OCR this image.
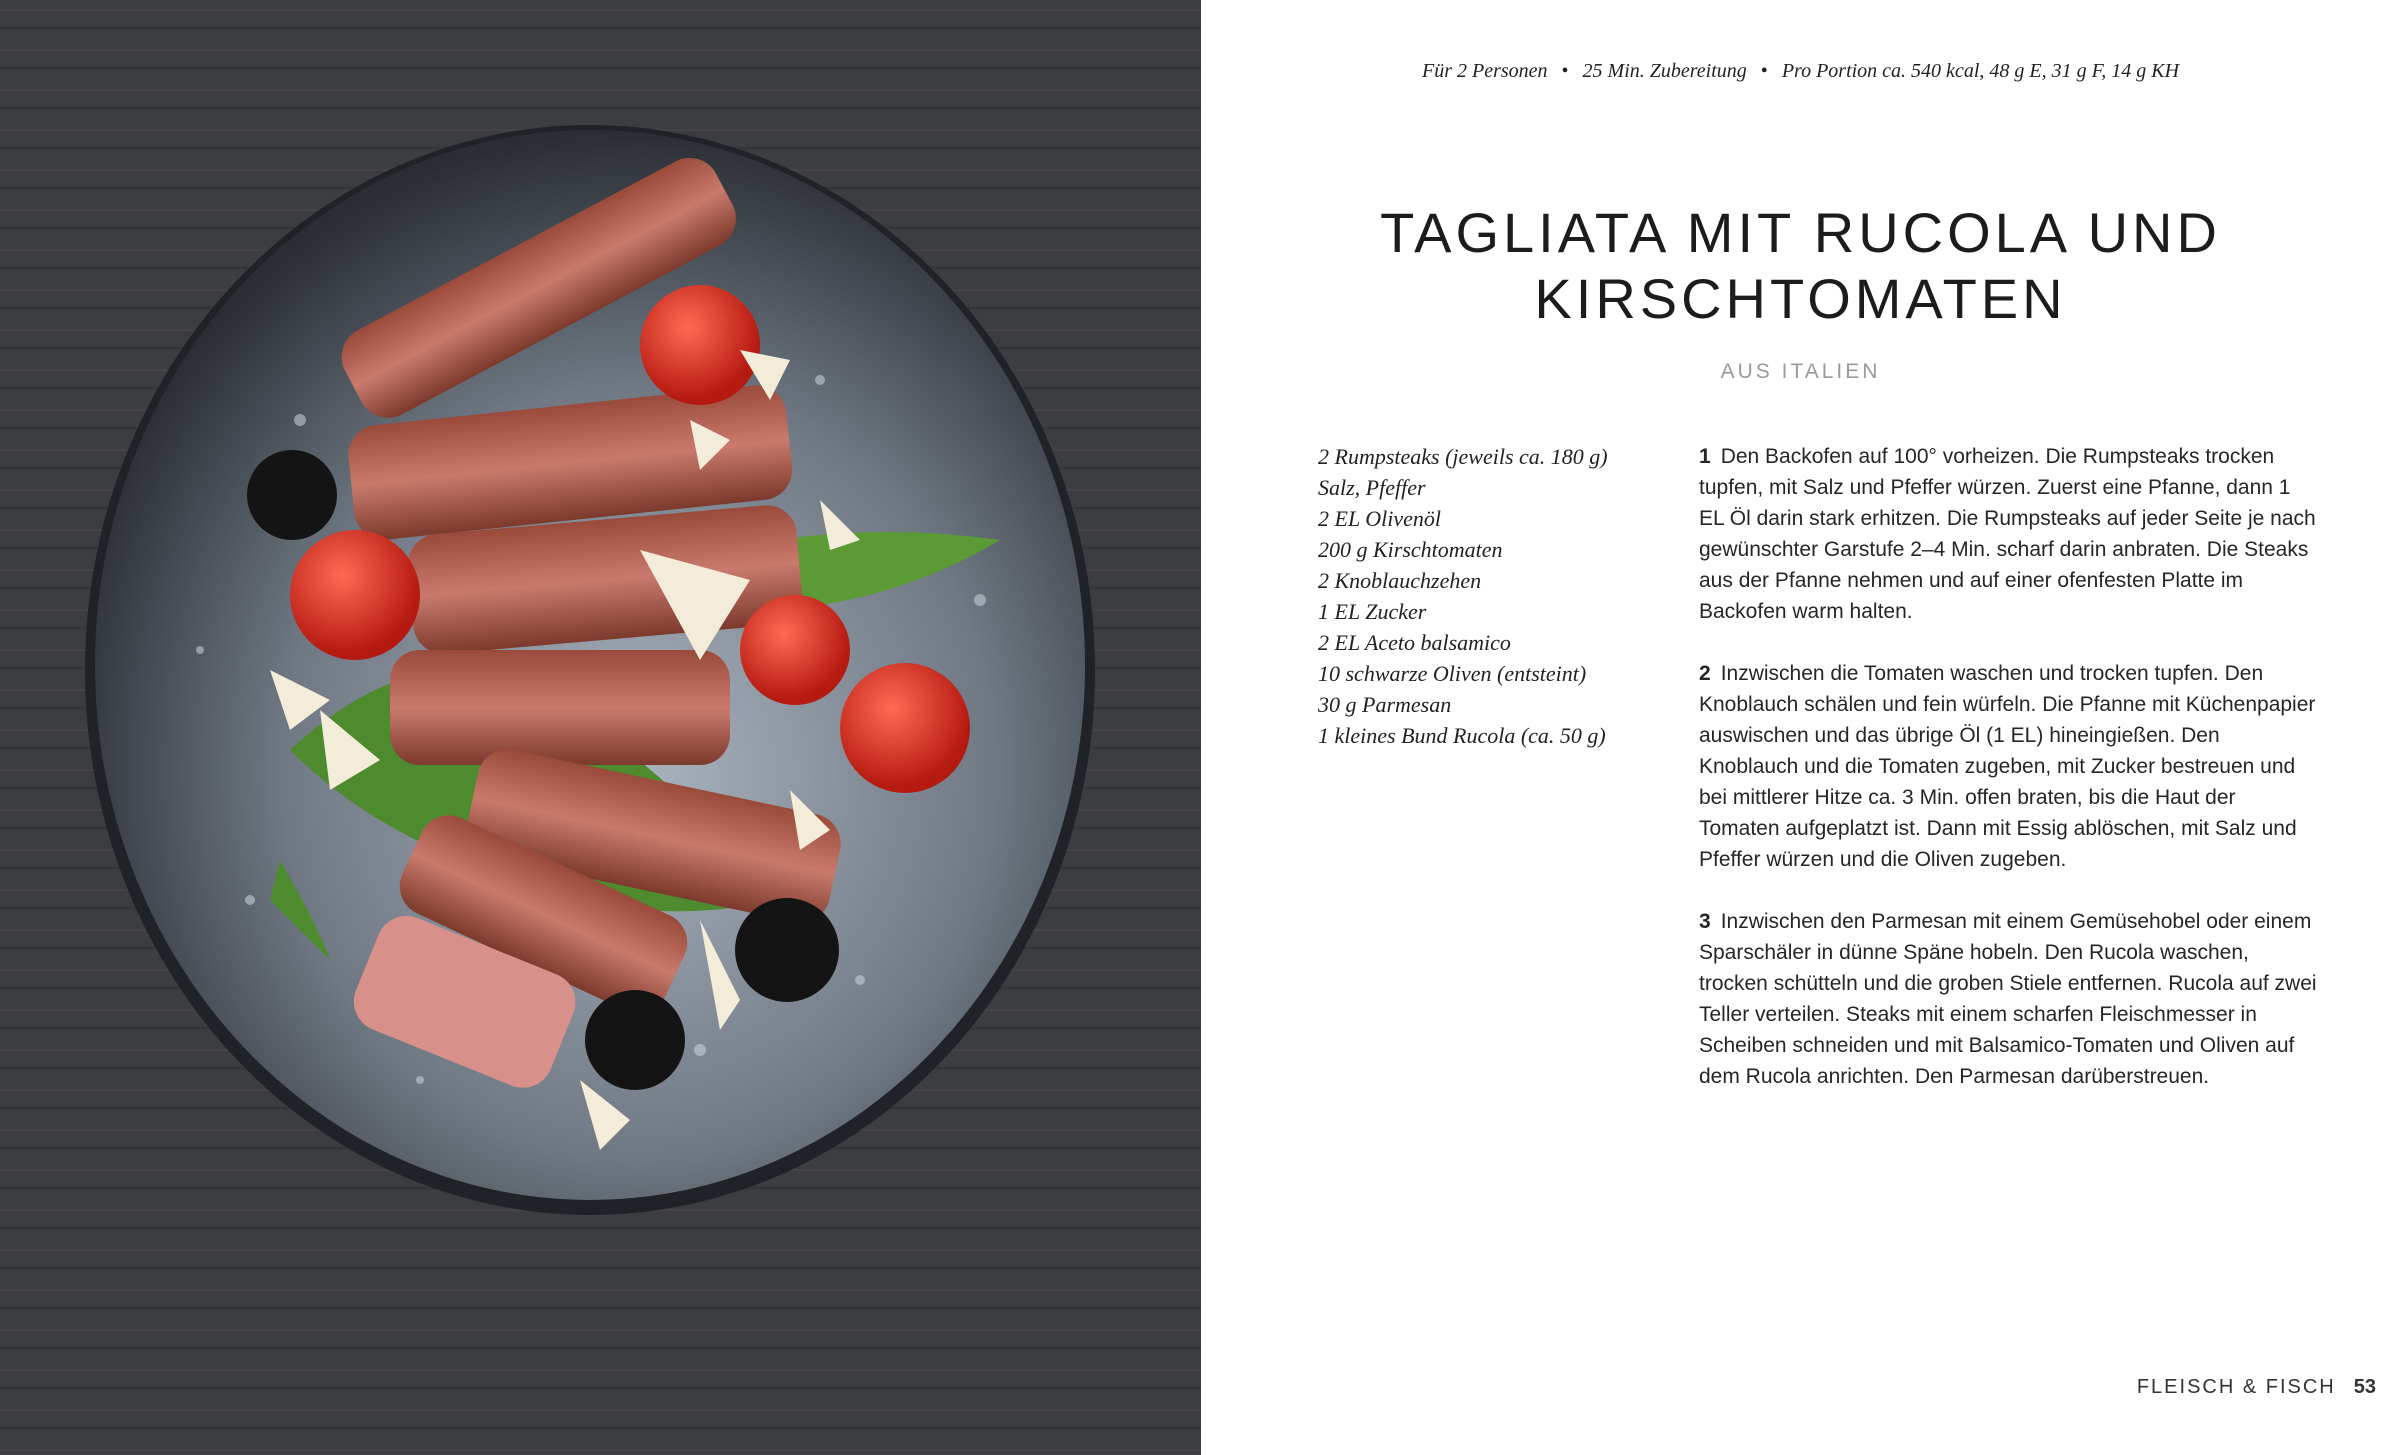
Für 2 Personen • 25 Min. Zubereitung • Pro Portion ca. 540 kcal, 48 g E, 31 g F, 14 g KH
TAGLIATA MIT RUCOLA UND
KIRSCHTOMATEN
AUS ITALIEN
2 Rumpsteaks (jeweils ca. 180 g)
Salz, Pfeffer
2 EL Olivenöl
200 g Kirschtomaten
2 Knoblauchzehen
1 EL Zucker
2 EL Aceto balsamico
10 schwarze Oliven (entsteint)
30 g Parmesan
1 kleines Bund Rucola (ca. 50 g)

1 Den Backofen auf 100° vorheizen. Die Rumpsteaks trocken tupfen, mit Salz und Pfeffer würzen. Zuerst eine Pfanne, dann 1 EL Öl darin stark erhitzen. Die Rumpsteaks auf jeder Seite je nach gewünschter Garstufe 2–4 Min. scharf darin anbraten. Die Steaks aus der Pfanne nehmen und auf einer ofenfesten Platte im Backofen warm halten.

2 Inzwischen die Tomaten waschen und trocken tupfen. Den Knoblauch schälen und fein würfeln. Die Pfanne mit Küchenpapier auswischen und das übrige Öl (1 EL) hineingießen. Den Knoblauch und die Tomaten zugeben, mit Zucker bestreuen und bei mittlerer Hitze ca. 3 Min. offen braten, bis die Haut der Tomaten aufgeplatzt ist. Dann mit Essig ablöschen, mit Salz und Pfeffer würzen und die Oliven zugeben.

3 Inzwischen den Parmesan mit einem Gemüsehobel oder einem Sparschäler in dünne Späne hobeln. Den Rucola waschen, trocken schütteln und die groben Stiele entfernen. Rucola auf zwei Teller verteilen. Steaks mit einem scharfen Fleischmesser in Scheiben schneiden und mit Balsamico-Tomaten und Oliven auf dem Rucola anrichten. Den Parmesan darüberstreuen.

FLEISCH & FISCH 53
